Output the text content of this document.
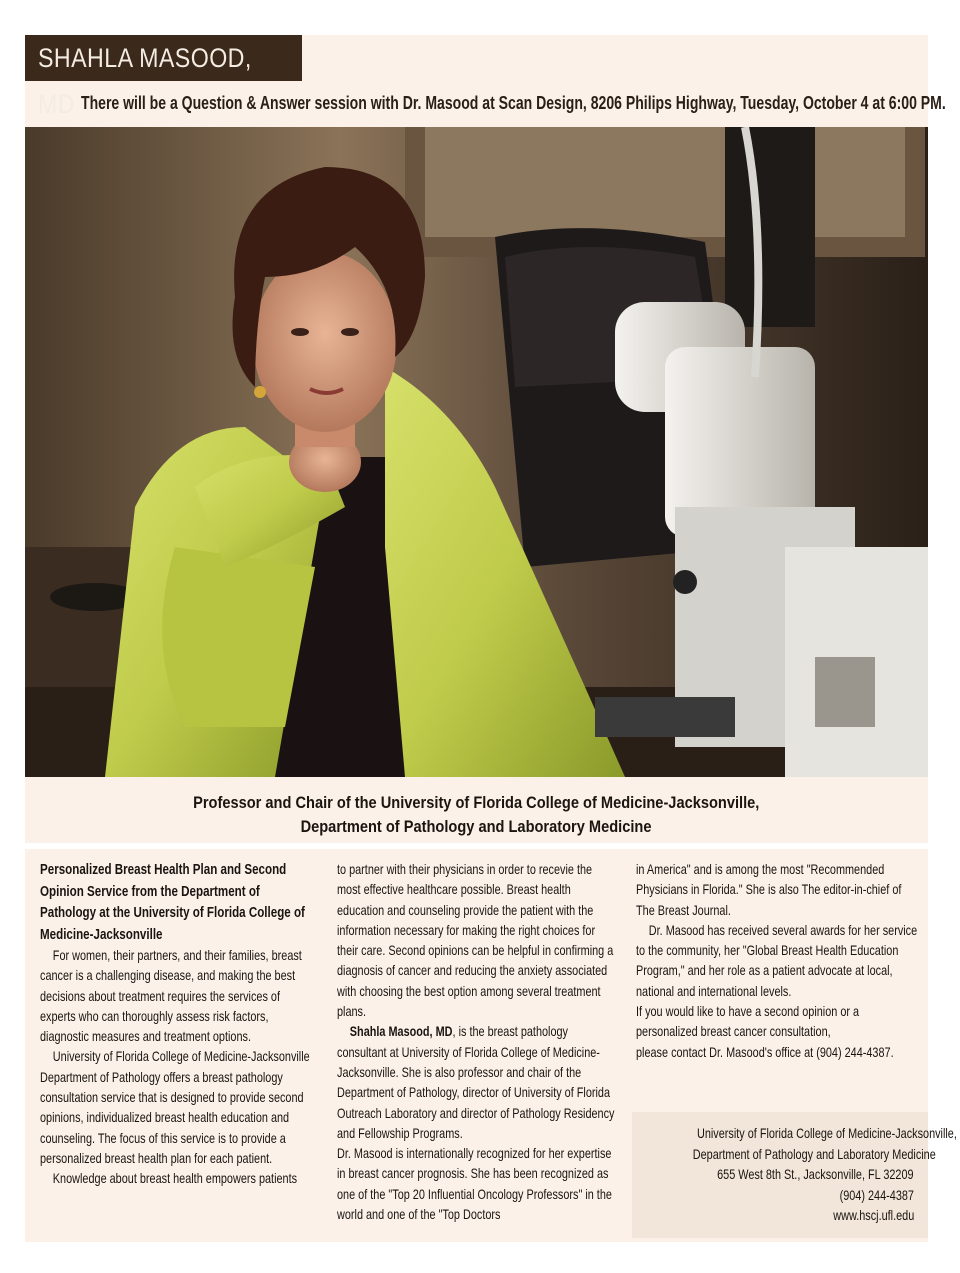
SHAHLA MASOOD, MD There will be a Question & Answer session with Dr. Masood at Scan Design, 8206 Philips Highway, Tuesday, October 4 at 6:00 PM.
Professor and Chair of the University of Florida College of Medicine-Jacksonville,
Department of Pathology and Laboratory Medicine

Personalized Breast Health Plan and Second Opinion Service from the Department of Pathology at the University of Florida College of Medicine-Jacksonville

For women, their partners, and their families, breast cancer is a challenging disease, and making the best decisions about treatment requires the services of experts who can thoroughly assess risk factors, diagnostic measures and treatment options.

University of Florida College of Medicine-Jacksonville Department of Pathology offers a breast pathology consultation service that is designed to provide second opinions, individualized breast health education and counseling. The focus of this service is to provide a personalized breast health plan for each patient.

Knowledge about breast health empowers patients

to partner with their physicians in order to recevie the most effective healthcare possible. Breast health education and counseling provide the patient with the information necessary for making the right choices for their care. Second opinions can be helpful in confirming a diagnosis of cancer and reducing the anxiety associated with choosing the best option among several treatment plans.

Shahla Masood, MD, is the breast pathology consultant at University of Florida College of Medicine-Jacksonville. She is also professor and chair of the Department of Pathology, director of University of Florida Outreach Laboratory and director of Pathology Residency and Fellowship Programs.

Dr. Masood is internationally recognized for her expertise in breast cancer prognosis. She has been recognized as one of the "Top 20 Influential Oncology Professors" in the world and one of the "Top Doctors

in America" and is among the most "Recommended Physicians in Florida." She is also The editor-in-chief of The Breast Journal.

Dr. Masood has received several awards for her service to the community, her "Global Breast Health Education Program," and her role as a patient advocate at local, national and international levels.

If you would like to have a second opinion or a personalized breast cancer consultation,

please contact Dr. Masood's office at (904) 244-4387.

University of Florida College of Medicine-Jacksonville,
Department of Pathology and Laboratory Medicine
655 West 8th St., Jacksonville, FL 32209
(904) 244-4387
www.hscj.ufl.edu
